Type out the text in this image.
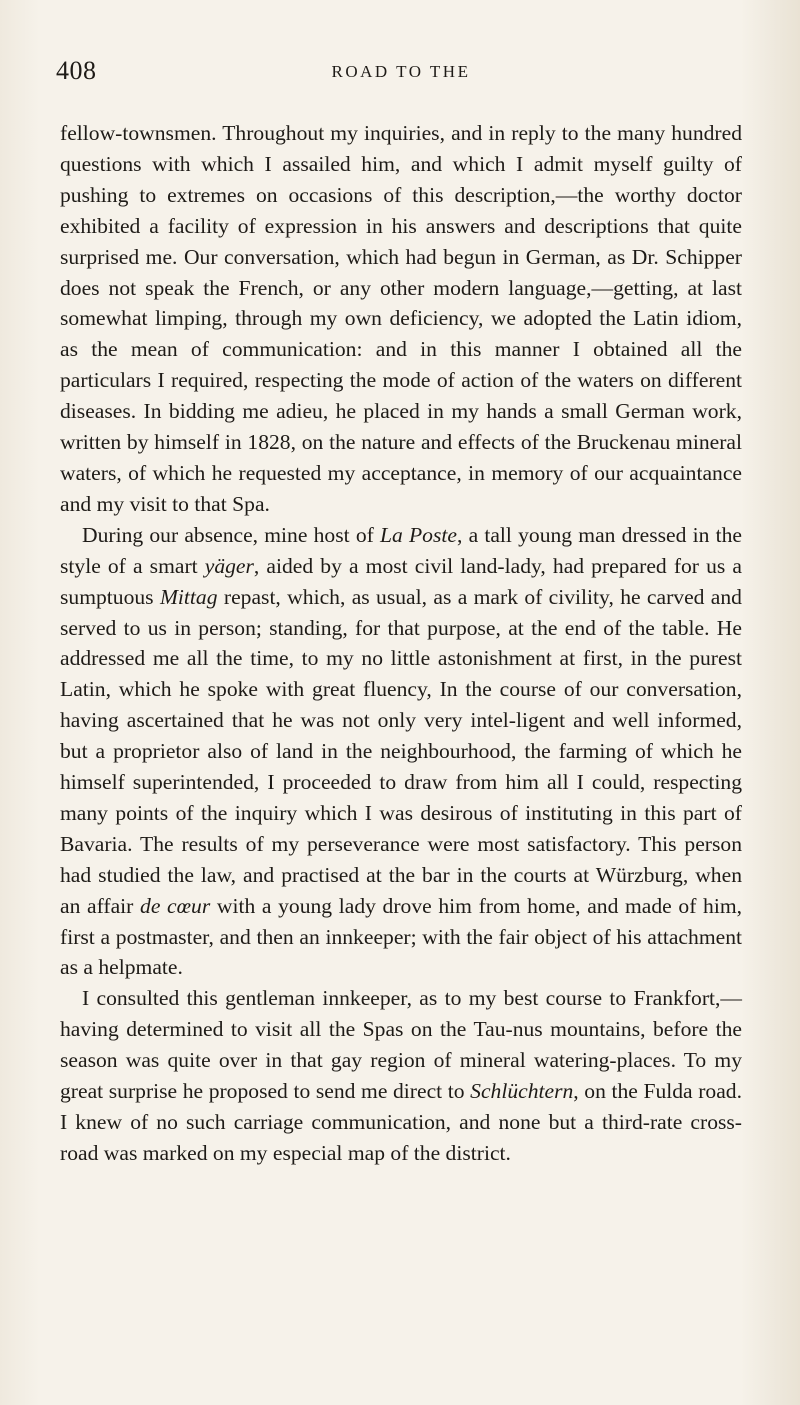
408	ROAD TO THE

fellow-townsmen. Throughout my inquiries, and in reply to the many hundred questions with which I assailed him, and which I admit myself guilty of pushing to extremes on occasions of this description,—the worthy doctor exhibited a facility of expression in his answers and descriptions that quite surprised me. Our conversation, which had begun in German, as Dr. Schipper does not speak the French, or any other modern language,—getting, at last somewhat limping, through my own deficiency, we adopted the Latin idiom, as the mean of communication: and in this manner I obtained all the particulars I required, respecting the mode of action of the waters on different diseases. In bidding me adieu, he placed in my hands a small German work, written by himself in 1828, on the nature and effects of the Bruckenau mineral waters, of which he requested my acceptance, in memory of our acquaintance and my visit to that Spa.

During our absence, mine host of La Poste, a tall young man dressed in the style of a smart yäger, aided by a most civil land-lady, had prepared for us a sumptuous Mittag repast, which, as usual, as a mark of civility, he carved and served to us in person; standing, for that purpose, at the end of the table. He addressed me all the time, to my no little astonishment at first, in the purest Latin, which he spoke with great fluency, In the course of our conversation, having ascertained that he was not only very intel-ligent and well informed, but a proprietor also of land in the neighbourhood, the farming of which he himself superintended, I proceeded to draw from him all I could, respecting many points of the inquiry which I was desirous of instituting in this part of Bavaria. The results of my perseverance were most satisfactory. This person had studied the law, and practised at the bar in the courts at Würzburg, when an affair de cœur with a young lady drove him from home, and made of him, first a postmaster, and then an innkeeper; with the fair object of his attachment as a helpmate.

I consulted this gentleman innkeeper, as to my best course to Frankfort,—having determined to visit all the Spas on the Tau-nus mountains, before the season was quite over in that gay region of mineral watering-places. To my great surprise he proposed to send me direct to Schlüchtern, on the Fulda road. I knew of no such carriage communication, and none but a third-rate cross-road was marked on my especial map of the district.
